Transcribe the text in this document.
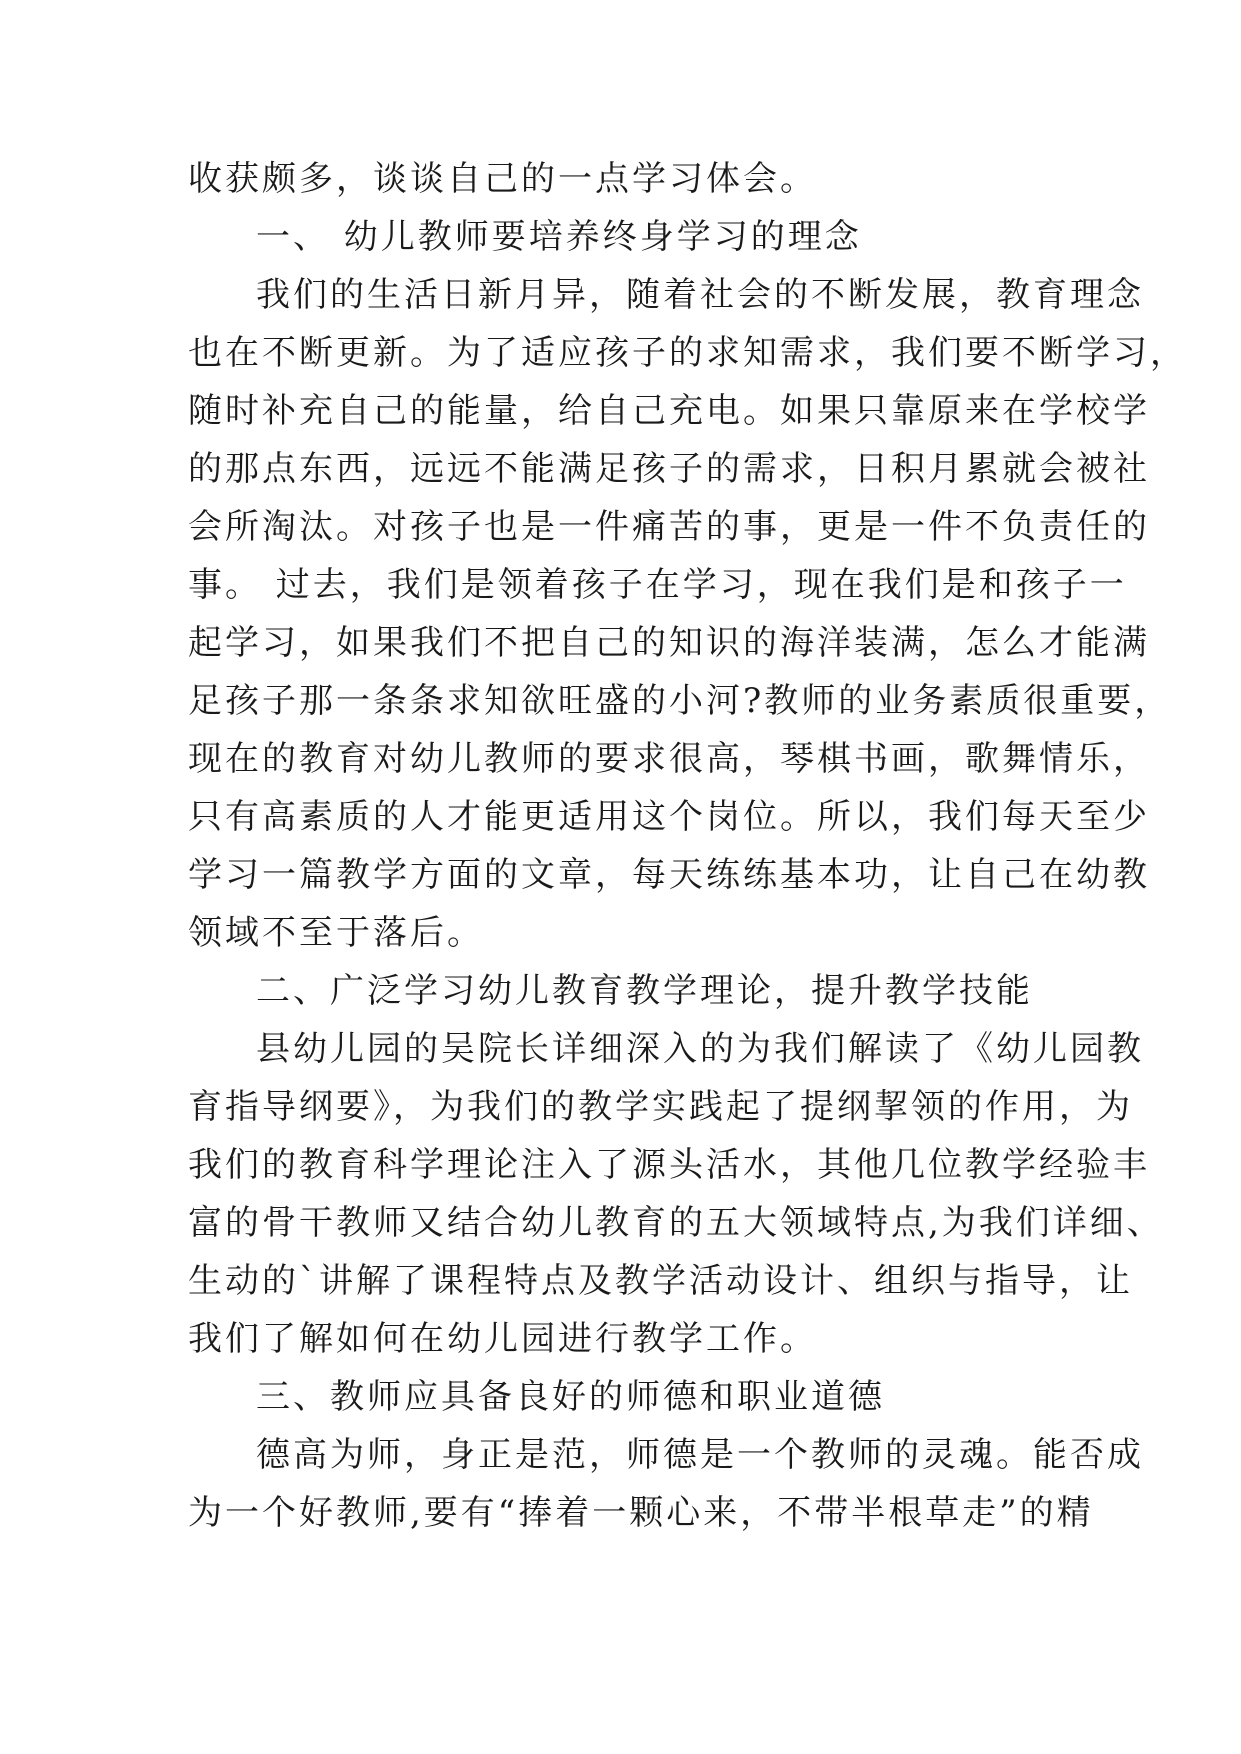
收获颇多，谈谈自己的一点学习体会。
一、 幼儿教师要培养终身学习的理念
我们的生活日新月异，随着社会的不断发展，教育理念
也在不断更新。为了适应孩子的求知需求，我们要不断学习，
随时补充自己的能量，给自己充电。如果只靠原来在学校学
的那点东西，远远不能满足孩子的需求，日积月累就会被社
会所淘汰。对孩子也是一件痛苦的事，更是一件不负责任的
事。 过去，我们是领着孩子在学习，现在我们是和孩子一
起学习，如果我们不把自己的知识的海洋装满，怎么才能满
足孩子那一条条求知欲旺盛的小河?教师的业务素质很重要，
现在的教育对幼儿教师的要求很高，琴棋书画，歌舞情乐，
只有高素质的人才能更适用这个岗位。所以，我们每天至少
学习一篇教学方面的文章，每天练练基本功，让自己在幼教
领域不至于落后。
二、广泛学习幼儿教育教学理论，提升教学技能
县幼儿园的吴院长详细深入的为我们解读了《幼儿园教
育指导纲要》，为我们的教学实践起了提纲挈领的作用，为
我们的教育科学理论注入了源头活水，其他几位教学经验丰
富的骨干教师又结合幼儿教育的五大领域特点,为我们详细、
生动的`讲解了课程特点及教学活动设计、组织与指导，让
我们了解如何在幼儿园进行教学工作。
三、教师应具备良好的师德和职业道德
德高为师，身正是范，师德是一个教师的灵魂。能否成
为一个好教师,要有“捧着一颗心来，不带半根草走”的精
